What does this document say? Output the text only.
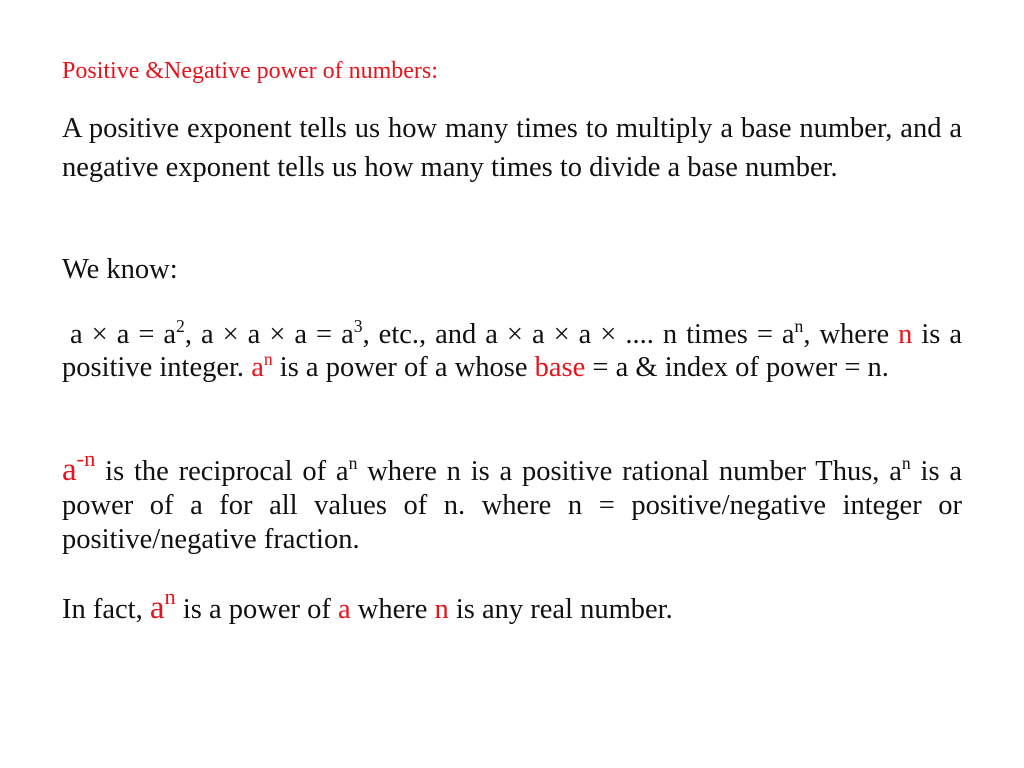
Positive &Negative power of numbers:
A positive exponent tells us how many times to multiply a base number, and a negative exponent tells us how many times to divide a base number.
We know:
$a \times a = a^2$, $a \times a \times a = a^3$, etc., and a × a × a × .... n times = $a^n$, where n is a positive integer. $a^n$ is a power of a whose base = a & index of power = n.
$a^{-n}$ is the reciprocal of $a^n$ where n is a positive rational number Thus, $a^n$ is a power of a for all values of n. where n = positive/negative integer or positive/negative fraction.
In fact, $a^n$ is a power of a where n is any real number.
